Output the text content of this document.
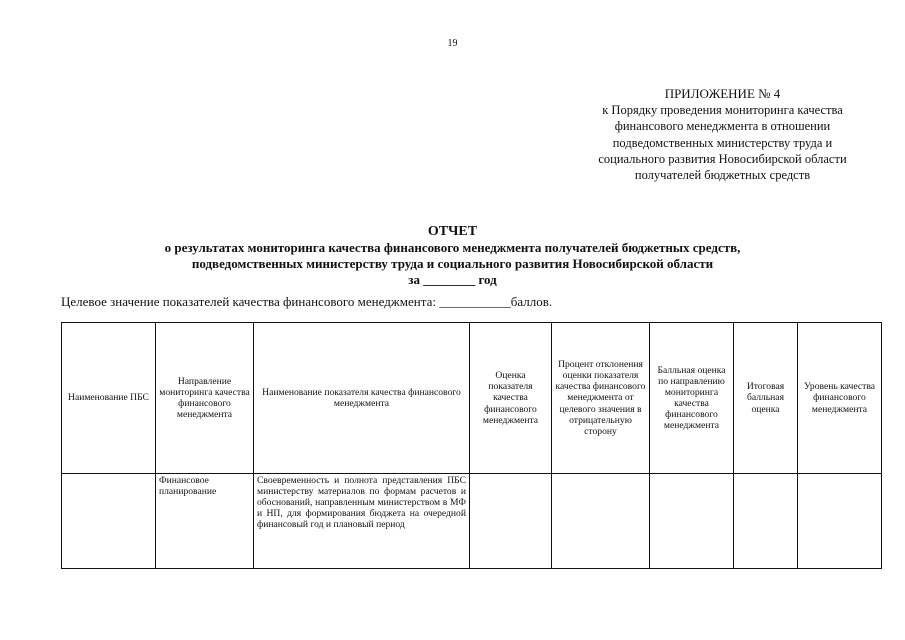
19
ПРИЛОЖЕНИЕ № 4
к Порядку проведения мониторинга качества
финансового менеджмента в отношении
подведомственных министерству труда и
социального развития Новосибирской области
получателей бюджетных средств
ОТЧЕТ
о результатах мониторинга качества финансового менеджмента получателей бюджетных средств,
подведомственных министерству труда и социального развития Новосибирской области
за ________ год
Целевое значение показателей качества финансового менеджмента: ___________баллов.
Наименование ПБС	Направление мониторинга качества финансового менеджмента	Наименование показателя качества финансового менеджмента	Оценка показателя качества финансового менеджмента	Процент отклонения оценки показателя качества финансового менеджмента от целевого значения в отрицательную сторону	Балльная оценка по направлению мониторинга качества финансового менеджмента	Итоговая балльная оценка	Уровень качества финансового менеджмента
	Финансовое планирование	Своевременность и полнота представления ПБС министерству материалов по формам расчетов и обоснований, направленным министерством в МФ и НП, для формирования бюджета на очередной финансовый год и плановый период					
